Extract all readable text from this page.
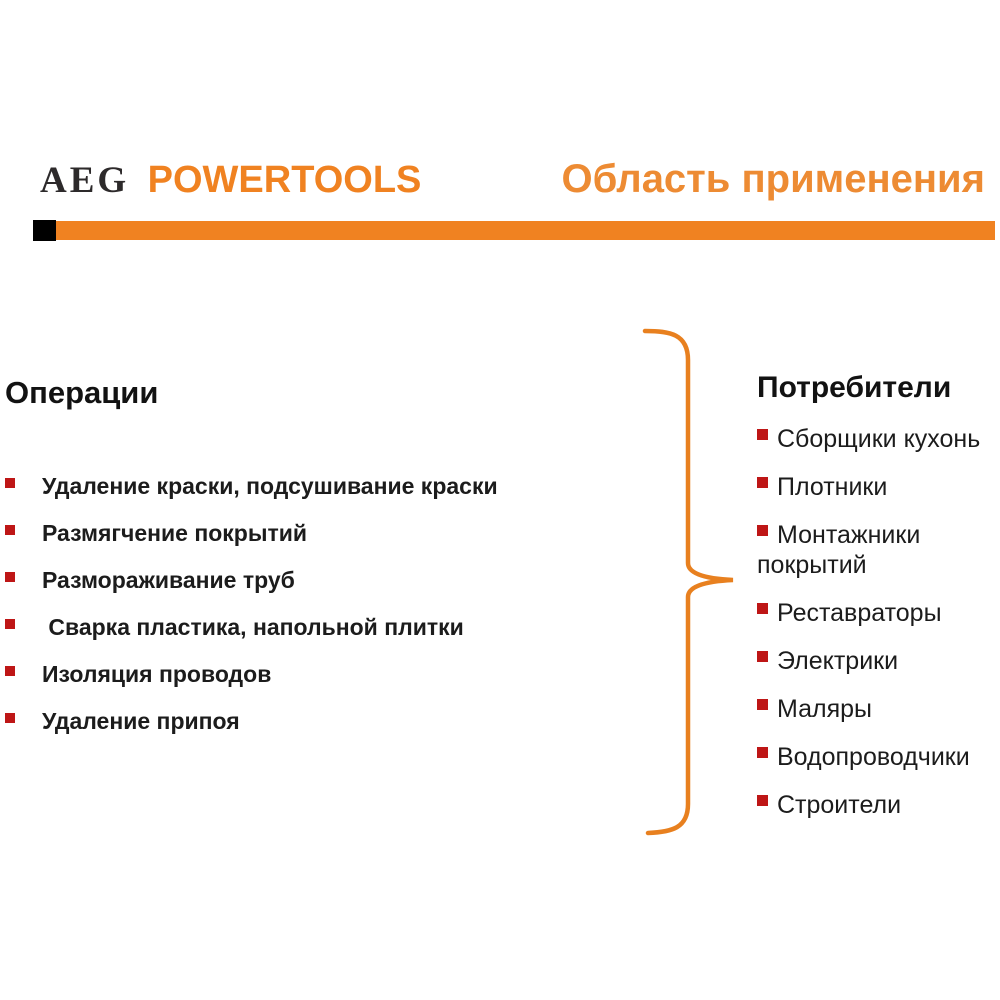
AEG POWERTOOLS	Область применения
Операции
Удаление краски, подсушивание краски
Размягчение покрытий
Размораживание труб
Сварка пластика, напольной плитки
Изоляция проводов
Удаление припоя
Потребители
Сборщики кухонь
Плотники
Монтажники покрытий
Реставраторы
Электрики
Маляры
Водопроводчики
Строители
